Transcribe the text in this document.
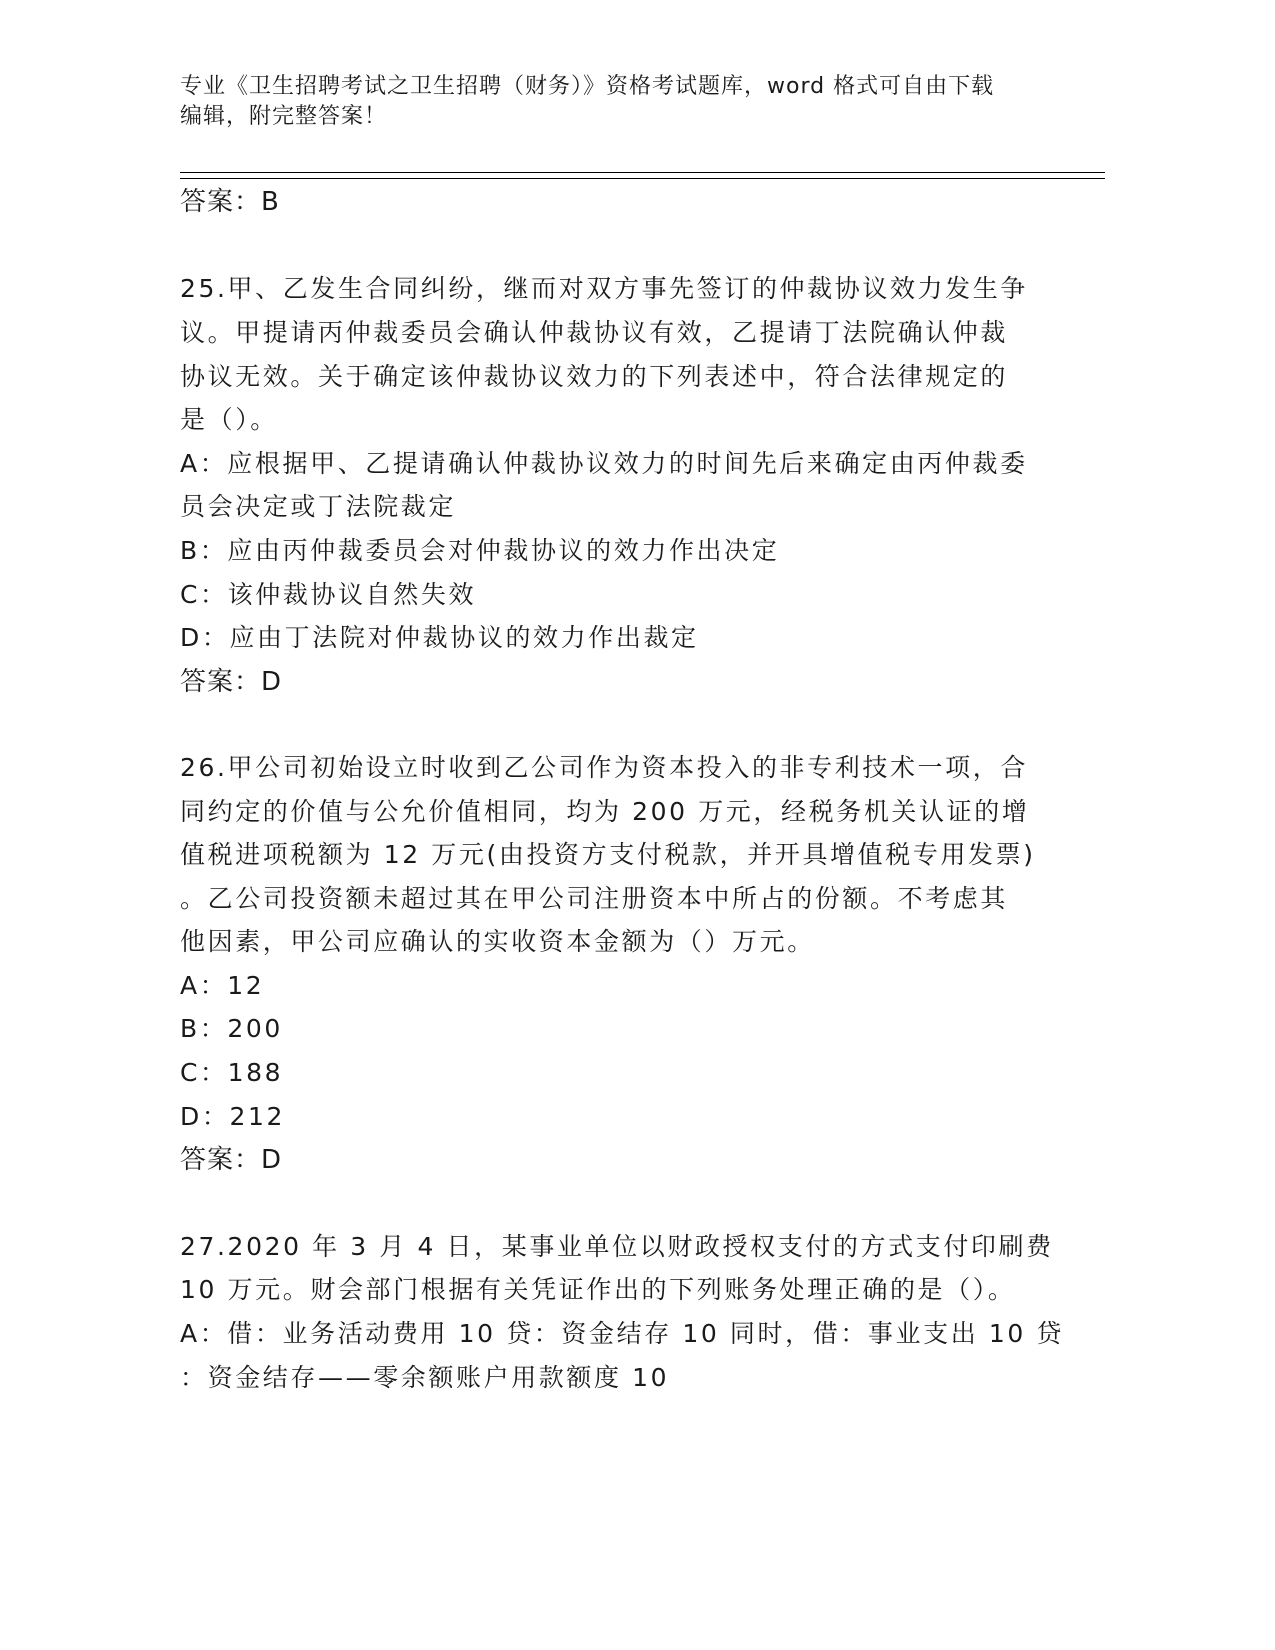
专业《卫生招聘考试之卫生招聘（财务）》资格考试题库，word 格式可自由下载
编辑，附完整答案！
答案：B
25.甲、乙发生合同纠纷，继而对双方事先签订的仲裁协议效力发生争
议。甲提请丙仲裁委员会确认仲裁协议有效，乙提请丁法院确认仲裁
协议无效。关于确定该仲裁协议效力的下列表述中，符合法律规定的
是（）。
A：应根据甲、乙提请确认仲裁协议效力的时间先后来确定由丙仲裁委
员会决定或丁法院裁定
B：应由丙仲裁委员会对仲裁协议的效力作出决定
C：该仲裁协议自然失效
D：应由丁法院对仲裁协议的效力作出裁定
答案：D
26.甲公司初始设立时收到乙公司作为资本投入的非专利技术一项，合
同约定的价值与公允价值相同，均为 200 万元，经税务机关认证的增
值税进项税额为 12 万元(由投资方支付税款，并开具增值税专用发票)
。乙公司投资额未超过其在甲公司注册资本中所占的份额。不考虑其
他因素，甲公司应确认的实收资本金额为（）万元。
A：12
B：200
C：188
D：212
答案：D
27.2020 年 3 月 4 日，某事业单位以财政授权支付的方式支付印刷费
10 万元。财会部门根据有关凭证作出的下列账务处理正确的是（）。
A：借：业务活动费用 10 贷：资金结存 10 同时，借：事业支出 10 贷
：资金结存——零余额账户用款额度 10
